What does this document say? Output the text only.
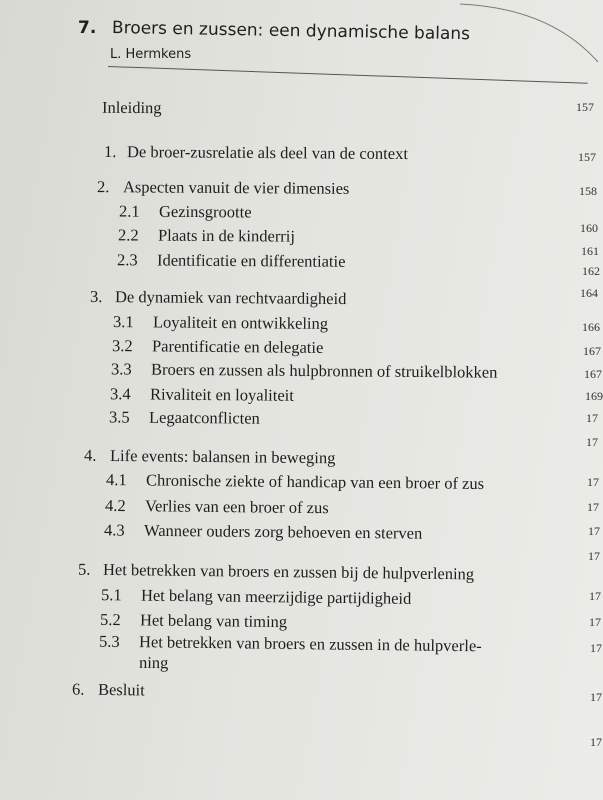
7. Broers en zussen: een dynamische balans
L. Hermkens
Inleiding
1. De broer-zusrelatie als deel van de context
2. Aspecten vanuit de vier dimensies
2.1 Gezinsgrootte
2.2 Plaats in de kinderrij
2.3 Identificatie en differentiatie
3. De dynamiek van rechtvaardigheid
3.1 Loyaliteit en ontwikkeling
3.2 Parentificatie en delegatie
3.3 Broers en zussen als hulpbronnen of struikelblokken
3.4 Rivaliteit en loyaliteit
3.5 Legaatconflicten
4. Life events: balansen in beweging
4.1 Chronische ziekte of handicap van een broer of zus
4.2 Verlies van een broer of zus
4.3 Wanneer ouders zorg behoeven en sterven
5. Het betrekken van broers en zussen bij de hulpverlening
5.1 Het belang van meerzijdige partijdigheid
5.2 Het belang van timing
5.3 Het betrekken van broers en zussen in de hulpverle-
ning
6. Besluit
157
157
158
160
161
162
164
166
167
167
169
17
17
17
17
17
17
17
17
17
17
17
